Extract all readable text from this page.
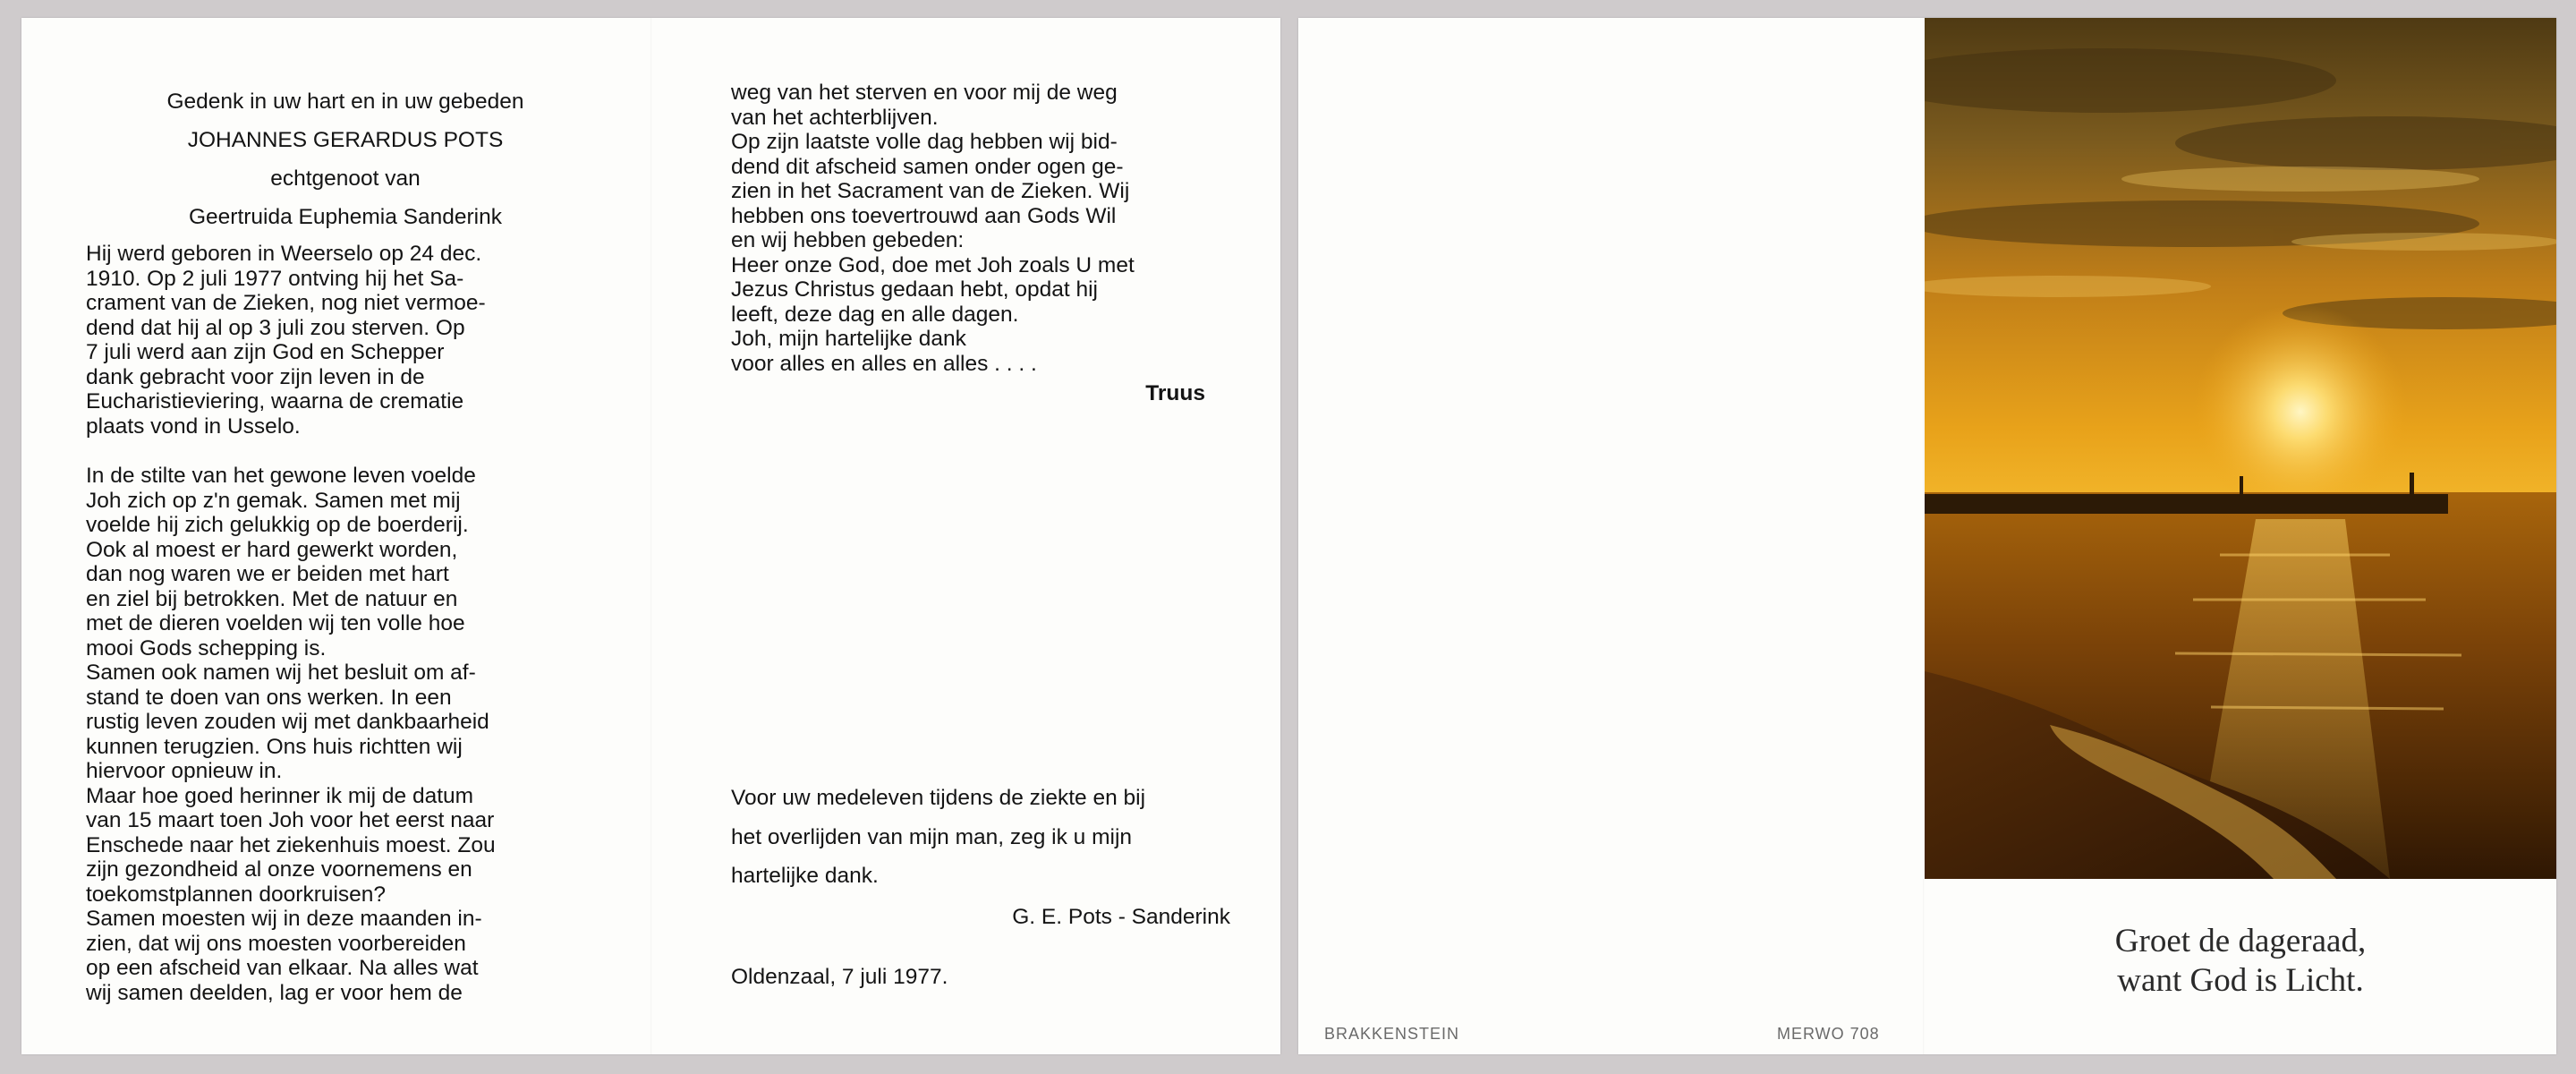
Gedenk in uw hart en in uw gebeden

JOHANNES GERARDUS POTS

echtgenoot van

Geertruida Euphemia Sanderink

Hij werd geboren in Weerselo op 24 dec.

1910. Op 2 juli 1977 ontving hij het Sa-

crament van de Zieken, nog niet vermoe-

dend dat hij al op 3 juli zou sterven. Op

7 juli werd aan zijn God en Schepper

dank gebracht voor zijn leven in de

Eucharistieviering, waarna de crematie

plaats vond in Usselo.

In de stilte van het gewone leven voelde

Joh zich op z'n gemak. Samen met mij

voelde hij zich gelukkig op de boerderij.

Ook al moest er hard gewerkt worden,

dan nog waren we er beiden met hart

en ziel bij betrokken. Met de natuur en

met de dieren voelden wij ten volle hoe

mooi Gods schepping is.

Samen ook namen wij het besluit om af-

stand te doen van ons werken. In een

rustig leven zouden wij met dankbaarheid

kunnen terugzien. Ons huis richtten wij

hiervoor opnieuw in.

Maar hoe goed herinner ik mij de datum

van 15 maart toen Joh voor het eerst naar

Enschede naar het ziekenhuis moest. Zou

zijn gezondheid al onze voornemens en

toekomstplannen doorkruisen?

Samen moesten wij in deze maanden in-

zien, dat wij ons moesten voorbereiden

op een afscheid van elkaar. Na alles wat

wij samen deelden, lag er voor hem de

weg van het sterven en voor mij de weg

van het achterblijven.

Op zijn laatste volle dag hebben wij bid-

dend dit afscheid samen onder ogen ge-

zien in het Sacrament van de Zieken. Wij

hebben ons toevertrouwd aan Gods Wil

en wij hebben gebeden:

Heer onze God, doe met Joh zoals U met

Jezus Christus gedaan hebt, opdat hij

leeft, deze dag en alle dagen.

Joh, mijn hartelijke dank

voor alles en alles en alles . . . .

Truus

Voor uw medeleven tijdens de ziekte en bij

het overlijden van mijn man, zeg ik u mijn

hartelijke dank.

G. E. Pots - Sanderink

Oldenzaal, 7 juli 1977.

Groet de dageraad,
want God is Licht.
BRAKKENSTEIN	MERWO 708
